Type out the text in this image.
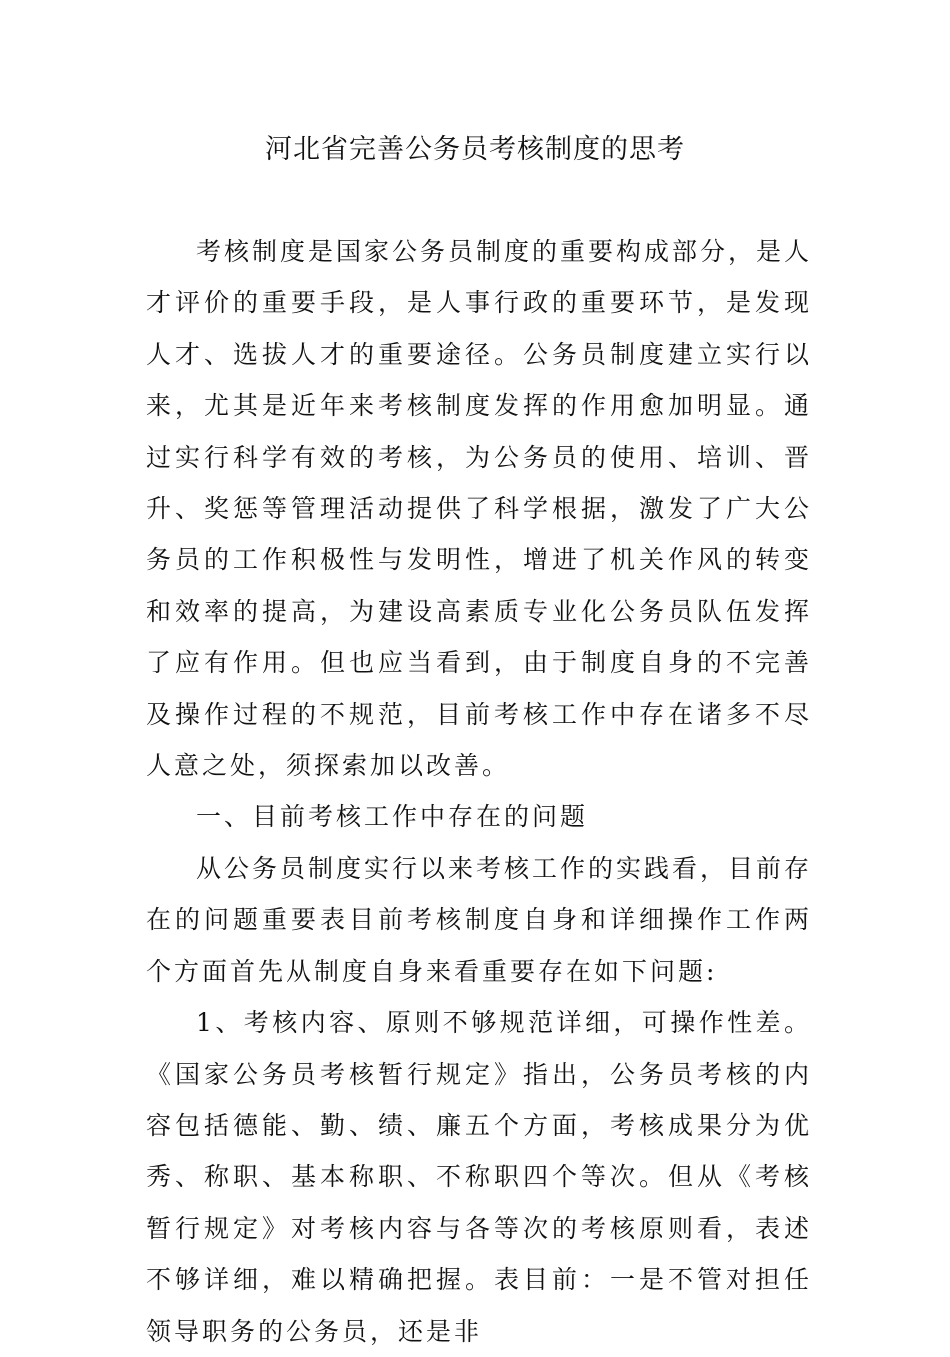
河北省完善公务员考核制度的思考

考核制度是国家公务员制度的重要构成部分，是人才评价的重要手段，是人事行政的重要环节，是发现人才、选拔人才的重要途径。公务员制度建立实行以来，尤其是近年来考核制度发挥的作用愈加明显。通过实行科学有效的考核，为公务员的使用、培训、晋升、奖惩等管理活动提供了科学根据，激发了广大公务员的工作积极性与发明性，增进了机关作风的转变和效率的提高，为建设高素质专业化公务员队伍发挥了应有作用。但也应当看到，由于制度自身的不完善及操作过程的不规范，目前考核工作中存在诸多不尽人意之处，须探索加以改善。

一、目前考核工作中存在的问题

从公务员制度实行以来考核工作的实践看，目前存在的问题重要表目前考核制度自身和详细操作工作两个方面首先从制度自身来看重要存在如下问题:

1、考核内容、原则不够规范详细，可操作性差。《国家公务员考核暂行规定》指出，公务员考核的内容包括德能、勤、绩、廉五个方面，考核成果分为优秀、称职、基本称职、不称职四个等次。但从《考核暂行规定》对考核内容与各等次的考核原则看，表述不够详细，难以精确把握。表目前：一是不管对担任领导职务的公务员，还是非
